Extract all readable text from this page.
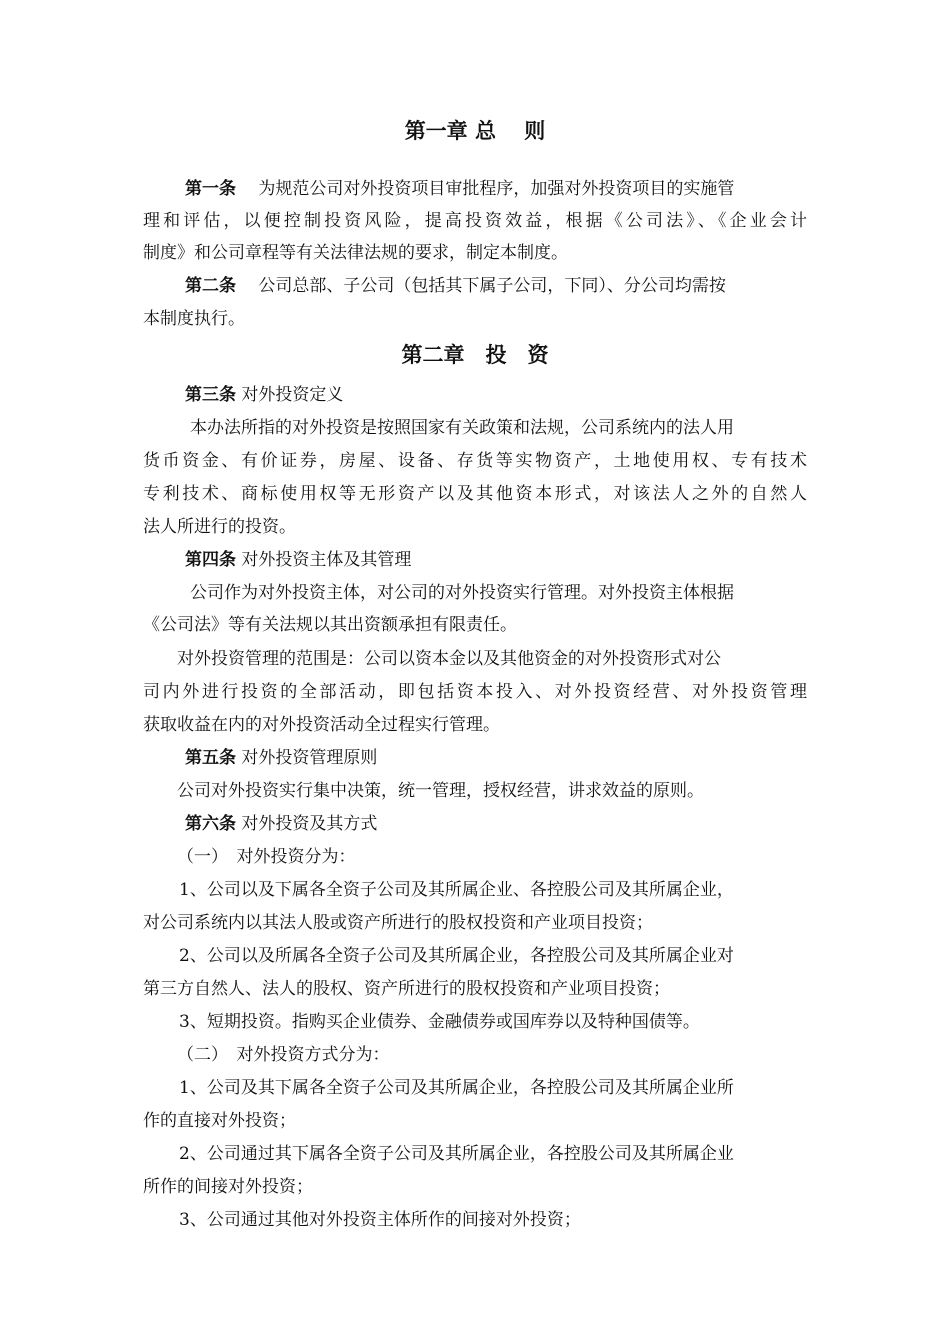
第一章 总　 则
第一条　 为规范公司对外投资项目审批程序，加强对外投资项目的实施管
理和评估，以便控制投资风险，提高投资效益，根据《公司法》、《企业会计
制度》和公司章程等有关法律法规的要求，制定本制度。
第二条　 公司总部、子公司（包括其下属子公司，下同）、分公司均需按
本制度执行。
第二章　投　资
第三条 对外投资定义
本办法所指的对外投资是按照国家有关政策和法规，公司系统内的法人用
货币资金、有价证券，房屋、设备、存货等实物资产，土地使用权、专有技术
专利技术、商标使用权等无形资产以及其他资本形式，对该法人之外的自然人
法人所进行的投资。
第四条 对外投资主体及其管理
公司作为对外投资主体，对公司的对外投资实行管理。对外投资主体根据
《公司法》等有关法规以其出资额承担有限责任。
对外投资管理的范围是：公司以资本金以及其他资金的对外投资形式对公
司内外进行投资的全部活动，即包括资本投入、对外投资经营、对外投资管理
获取收益在内的对外投资活动全过程实行管理。
第五条 对外投资管理原则
公司对外投资实行集中决策，统一管理，授权经营，讲求效益的原则。
第六条 对外投资及其方式
（一）　对外投资分为：
1、公司以及下属各全资子公司及其所属企业、各控股公司及其所属企业，
对公司系统内以其法人股或资产所进行的股权投资和产业项目投资；
2、公司以及所属各全资子公司及其所属企业，各控股公司及其所属企业对
第三方自然人、法人的股权、资产所进行的股权投资和产业项目投资；
3、短期投资。指购买企业债券、金融债券或国库券以及特种国债等。
（二）　对外投资方式分为：
1、公司及其下属各全资子公司及其所属企业，各控股公司及其所属企业所
作的直接对外投资；
2、公司通过其下属各全资子公司及其所属企业，各控股公司及其所属企业
所作的间接对外投资；
3、公司通过其他对外投资主体所作的间接对外投资；
